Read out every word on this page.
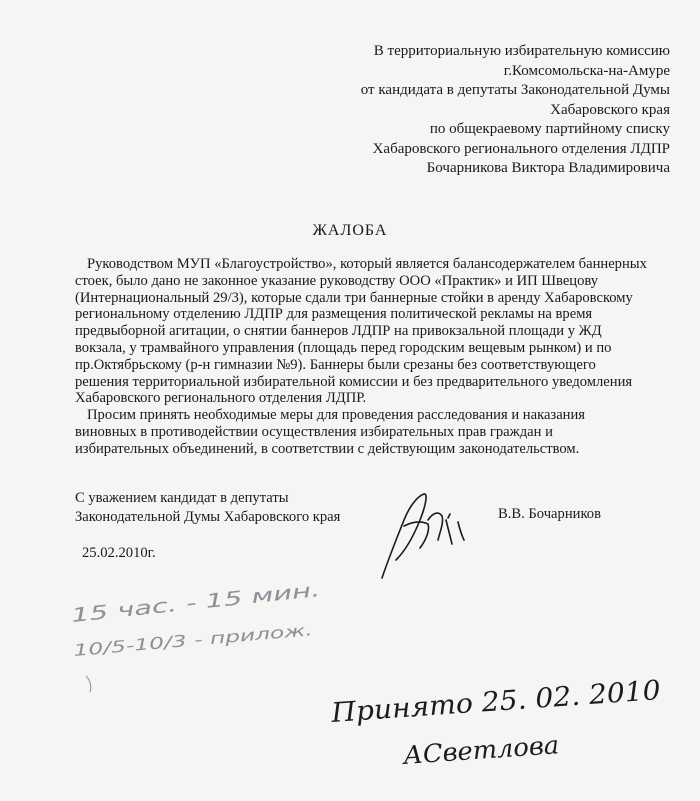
В территориальную избирательную комиссию
г.Комсомольска-на-Амуре
от кандидата в депутаты Законодательной Думы
Хабаровского края
по общекраевому партийному списку
Хабаровского регионального отделения ЛДПР
Бочарникова Виктора Владимировича
ЖАЛОБА

Руководством МУП «Благоустройство», который является балансодержателем баннерных стоек, было дано не законное указание руководству ООО «Практик» и ИП Швецову (Интернациональный 29/3), которые сдали три баннерные стойки в аренду Хабаровскому региональному отделению ЛДПР для размещения политической рекламы на время предвыборной агитации, о снятии баннеров ЛДПР на привокзальной площади у ЖД вокзала, у трамвайного управления (площадь перед городским вещевым рынком) и по пр.Октябрьскому (р-н гимназии №9). Баннеры были срезаны без соответствующего решения территориальной избирательной комиссии и без предварительного уведомления Хабаровского регионального отделения ЛДПР.

Просим принять необходимые меры для проведения расследования и наказания виновных в противодействии осуществления избирательных прав граждан и избирательных объединений, в соответствии с действующим законодательством.

С уважением кандидат в депутаты
Законодательной Думы Хабаровского края	В.В. Бочарников
25.02.2010г.
15 час. - 15 мин.
10/5-10/3 - прилож.
Принято 25. 02. 2010
АСветлова
